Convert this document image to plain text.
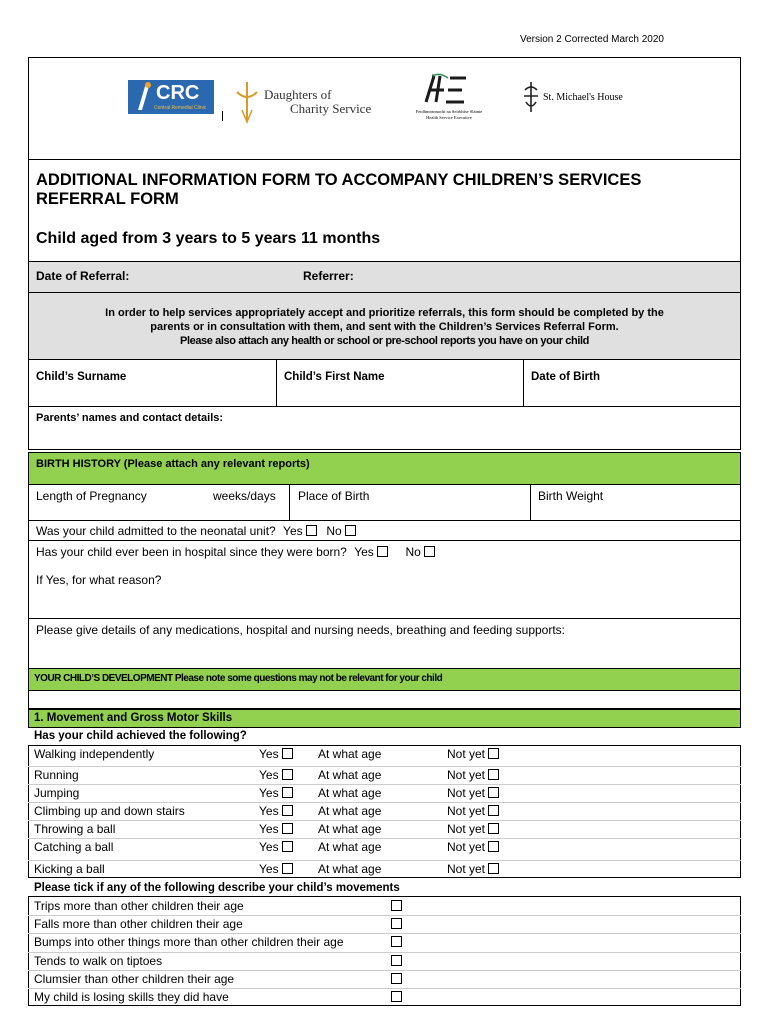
Version 2 Corrected March 2020
CRC
Central Remedial Clinic
Daughters of
Charity Service	Feidhmeannacht na Seirbhíse Sláinte
Health Service Executive
St. Michael's House
ADDITIONAL INFORMATION FORM TO ACCOMPANY CHILDREN’S SERVICES REFERRAL FORM
Child aged from 3 years to 5 years 11 months
Date of Referral:	Referrer:
In order to help services appropriately accept and prioritize referrals, this form should be completed by the
parents or in consultation with them, and sent with the Children’s Services Referral Form.
Please also attach any health or school or pre-school reports you have on your child
Child’s Surname	Child’s First Name	Date of Birth
Parents’ names and contact details:
BIRTH HISTORY (Please attach any relevant reports)
Length of Pregnancy	weeks/days Place of Birth	Birth Weight
Was your child admitted to the neonatal unit? Yes No
Has your child ever been in hospital since they were born? Yes	No
If Yes, for what reason?
Please give details of any medications, hospital and nursing needs, breathing and feeding supports:
YOUR CHILD’S DEVELOPMENT Please note some questions may not be relevant for your child
1. Movement and Gross Motor Skills
Has your child achieved the following?
Walking independently	Yes	At what age	Not yet
Running	Yes	At what age	Not yet
Jumping	Yes	At what age	Not yet
Climbing up and down stairs	Yes	At what age	Not yet
Throwing a ball	Yes	At what age	Not yet
Catching a ball	Yes	At what age	Not yet
Kicking a ball	Yes	At what age	Not yet
Please tick if any of the following describe your child’s movements
Trips more than other children their age
Falls more than other children their age
Bumps into other things more than other children their age
Tends to walk on tiptoes
Clumsier than other children their age
My child is losing skills they did have
